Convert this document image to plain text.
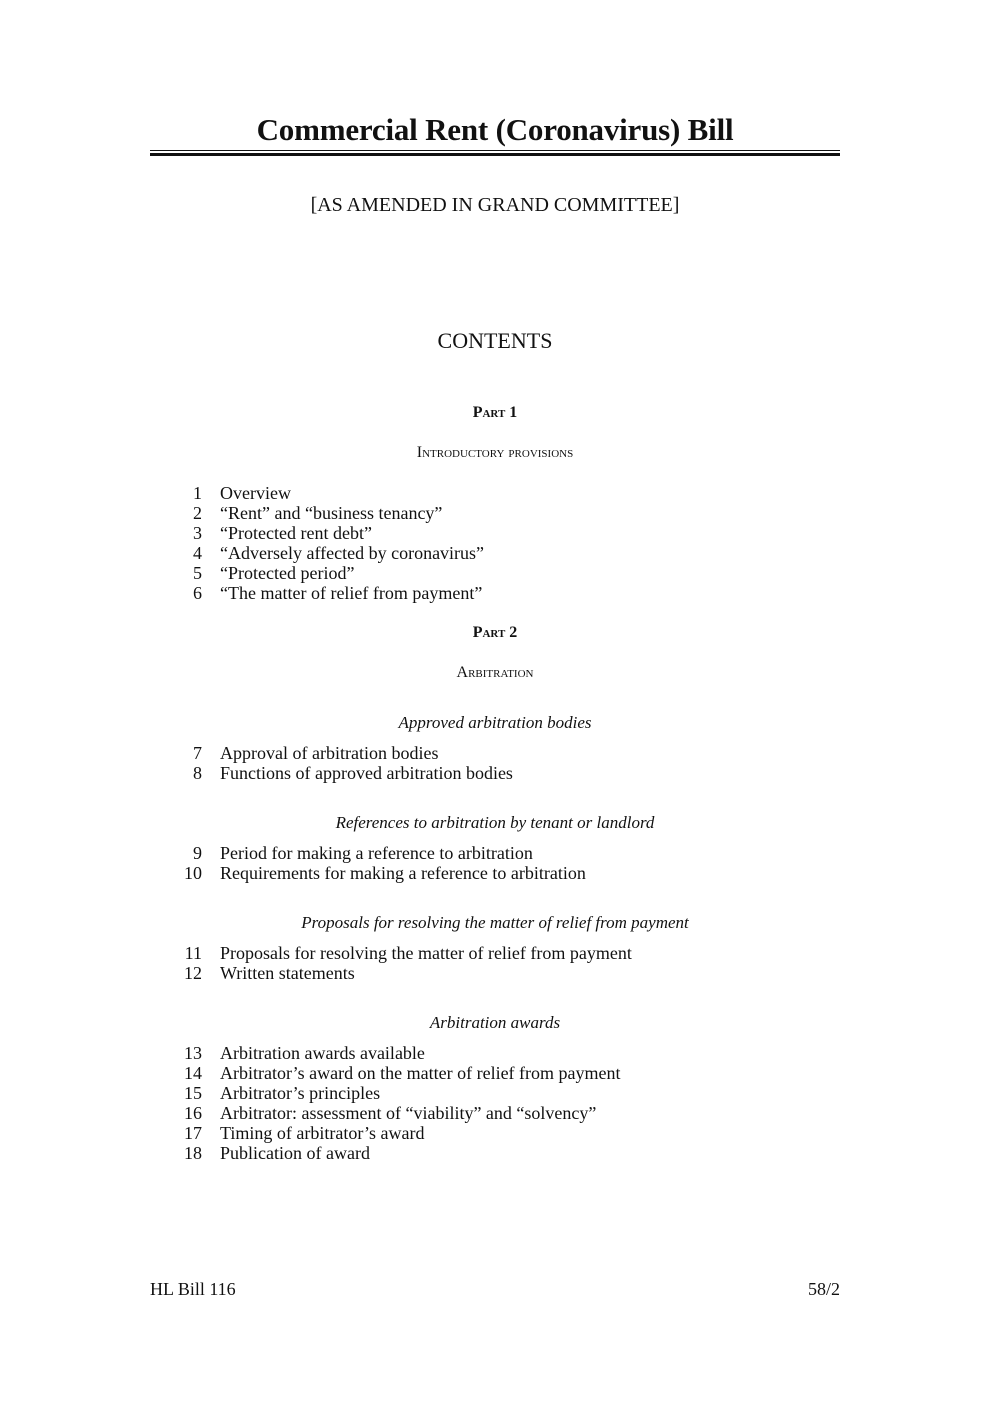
Commercial Rent (Coronavirus) Bill
[AS AMENDED IN GRAND COMMITTEE]
CONTENTS
Part 1
Introductory provisions
1	Overview
2	“Rent” and “business tenancy”
3	“Protected rent debt”
4	“Adversely affected by coronavirus”
5	“Protected period”
6	“The matter of relief from payment”
Part 2
Arbitration
Approved arbitration bodies
7	Approval of arbitration bodies
8	Functions of approved arbitration bodies
References to arbitration by tenant or landlord
9	Period for making a reference to arbitration
10	Requirements for making a reference to arbitration
Proposals for resolving the matter of relief from payment
11	Proposals for resolving the matter of relief from payment
12	Written statements
Arbitration awards
13	Arbitration awards available
14	Arbitrator’s award on the matter of relief from payment
15	Arbitrator’s principles
16	Arbitrator: assessment of “viability” and “solvency”
17	Timing of arbitrator’s award
18	Publication of award
HL Bill 116	58/2
